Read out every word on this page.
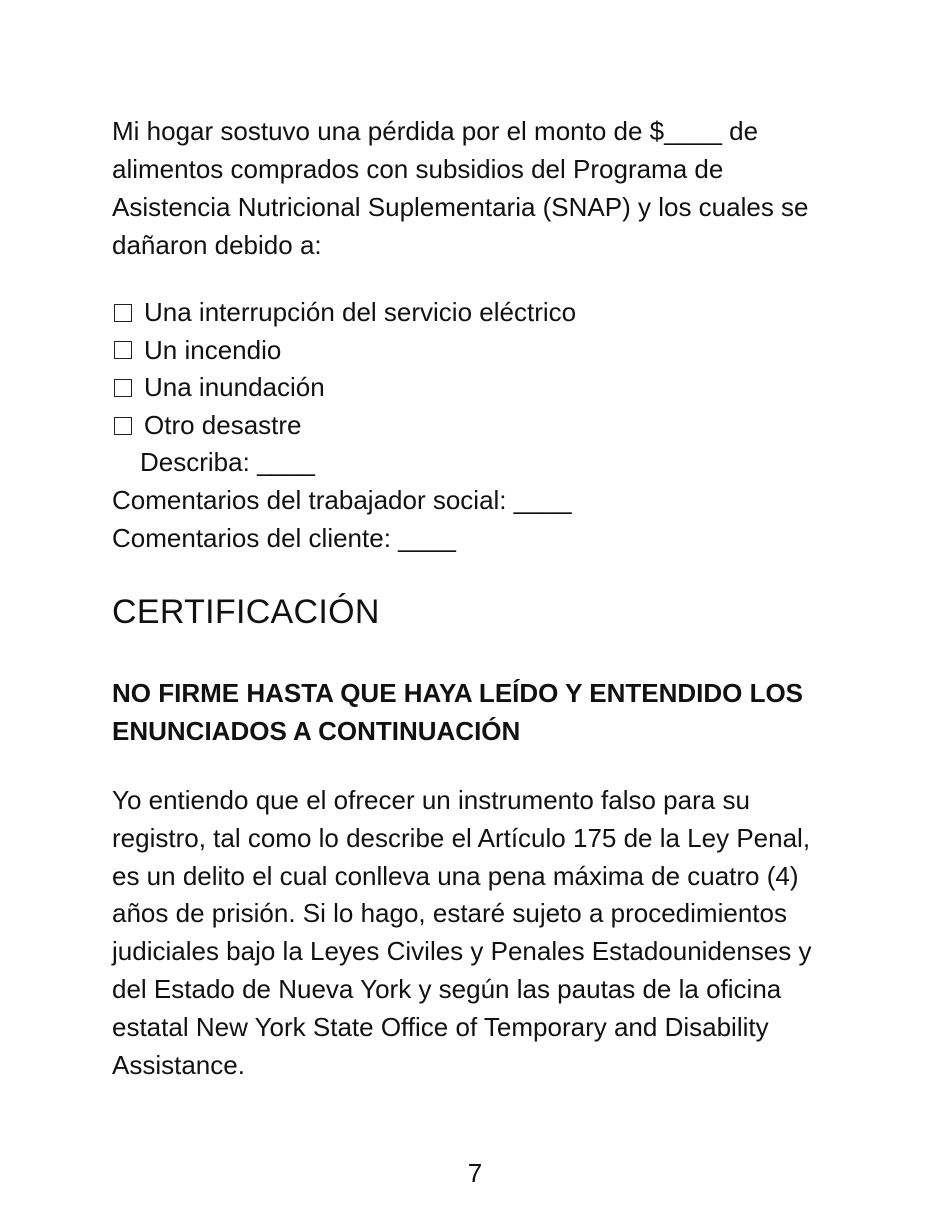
Mi hogar sostuvo una pérdida por el monto de $____ de alimentos comprados con subsidios del Programa de Asistencia Nutricional Suplementaria (SNAP) y los cuales se dañaron debido a:

Una interrupción del servicio eléctrico
Un incendio
Una inundación
Otro desastre
Describa:
____
Comentarios del trabajador social:
____
Comentarios del cliente:
____
CERTIFICACIÓN

NO FIRME HASTA QUE HAYA LEÍDO Y ENTENDIDO LOS ENUNCIADOS A CONTINUACIÓN

Yo entiendo que el ofrecer un instrumento falso para su registro, tal como lo describe el Artículo 175 de la Ley Penal, es un delito el cual conlleva una pena máxima de cuatro (4) años de prisión. Si lo hago, estaré sujeto a procedimientos judiciales bajo la Leyes Civiles y Penales Estadounidenses y del Estado de Nueva York y según las pautas de la oficina estatal New York State Office of Temporary and Disability Assistance.

7
